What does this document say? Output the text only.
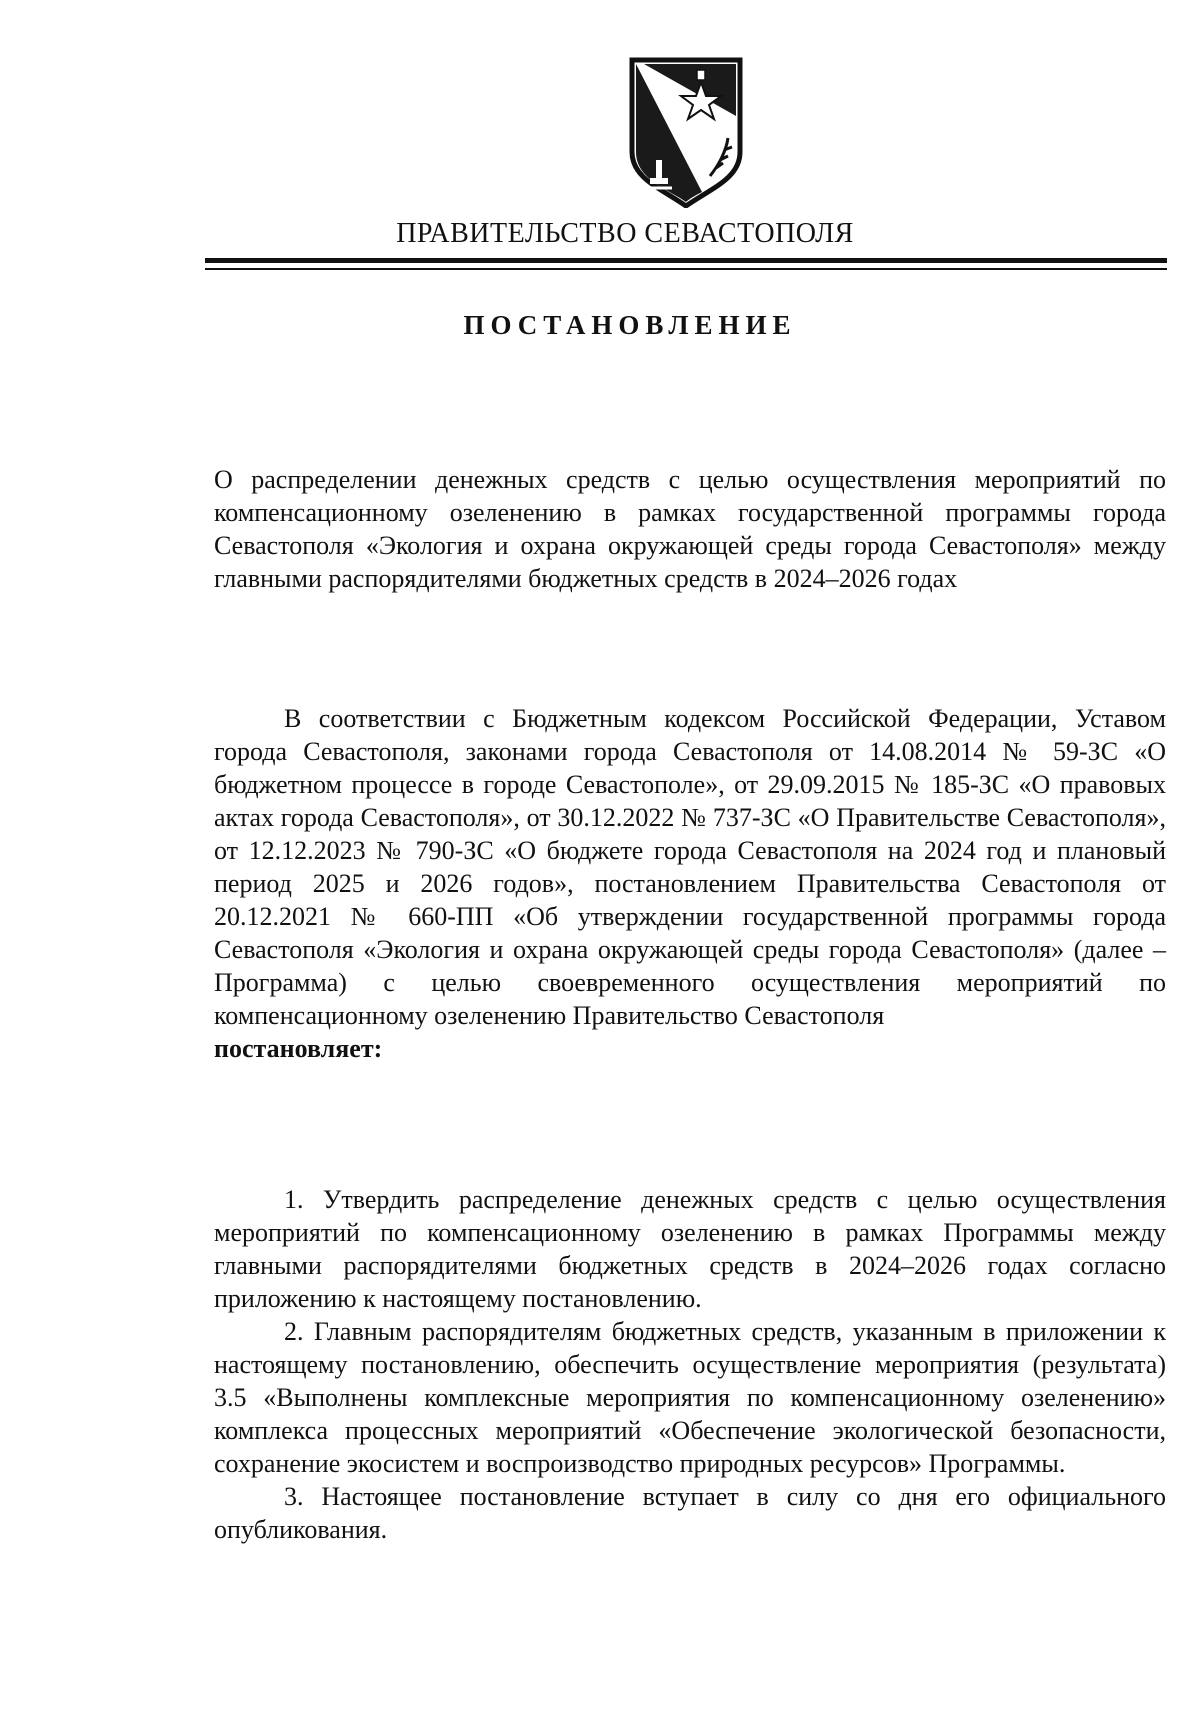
ПРАВИТЕЛЬСТВО СЕВАСТОПОЛЯ
ПОСТАНОВЛЕНИЕ
О распределении денежных средств с целью осуществления мероприятий по компенсационному озеленению в рамках государственной программы города Севастополя «Экология и охрана окружающей среды города Севастополя» между главными распорядителями бюджетных средств в 2024–2026 годах

В соответствии с Бюджетным кодексом Российской Федерации, Уставом города Севастополя, законами города Севастополя от 14.08.2014 № 59-ЗС «О бюджетном процессе в городе Севастополе», от 29.09.2015 № 185-ЗС «О правовых актах города Севастополя», от 30.12.2022 № 737-ЗС «О Правительстве Севастополя», от 12.12.2023 № 790-ЗС «О бюджете города Севастополя на 2024 год и плановый период 2025 и 2026 годов», постановлением Правительства Севастополя от 20.12.2021 № 660-ПП «Об утверждении государственной программы города Севастополя «Экология и охрана окружающей среды города Севастополя» (далее – Программа) с целью своевременного осуществления мероприятий по компенсационному озеленению Правительство Севастополя
постановляет:

1. Утвердить распределение денежных средств с целью осуществления мероприятий по компенсационному озеленению в рамках Программы между главными распорядителями бюджетных средств в 2024–2026 годах согласно приложению к настоящему постановлению.

2. Главным распорядителям бюджетных средств, указанным в приложении к настоящему постановлению, обеспечить осуществление мероприятия (результата) 3.5 «Выполнены комплексные мероприятия по компенсационному озеленению» комплекса процессных мероприятий «Обеспечение экологической безопасности, сохранение экосистем и воспроизводство природных ресурсов» Программы.

3. Настоящее постановление вступает в силу со дня его официального опубликования.
